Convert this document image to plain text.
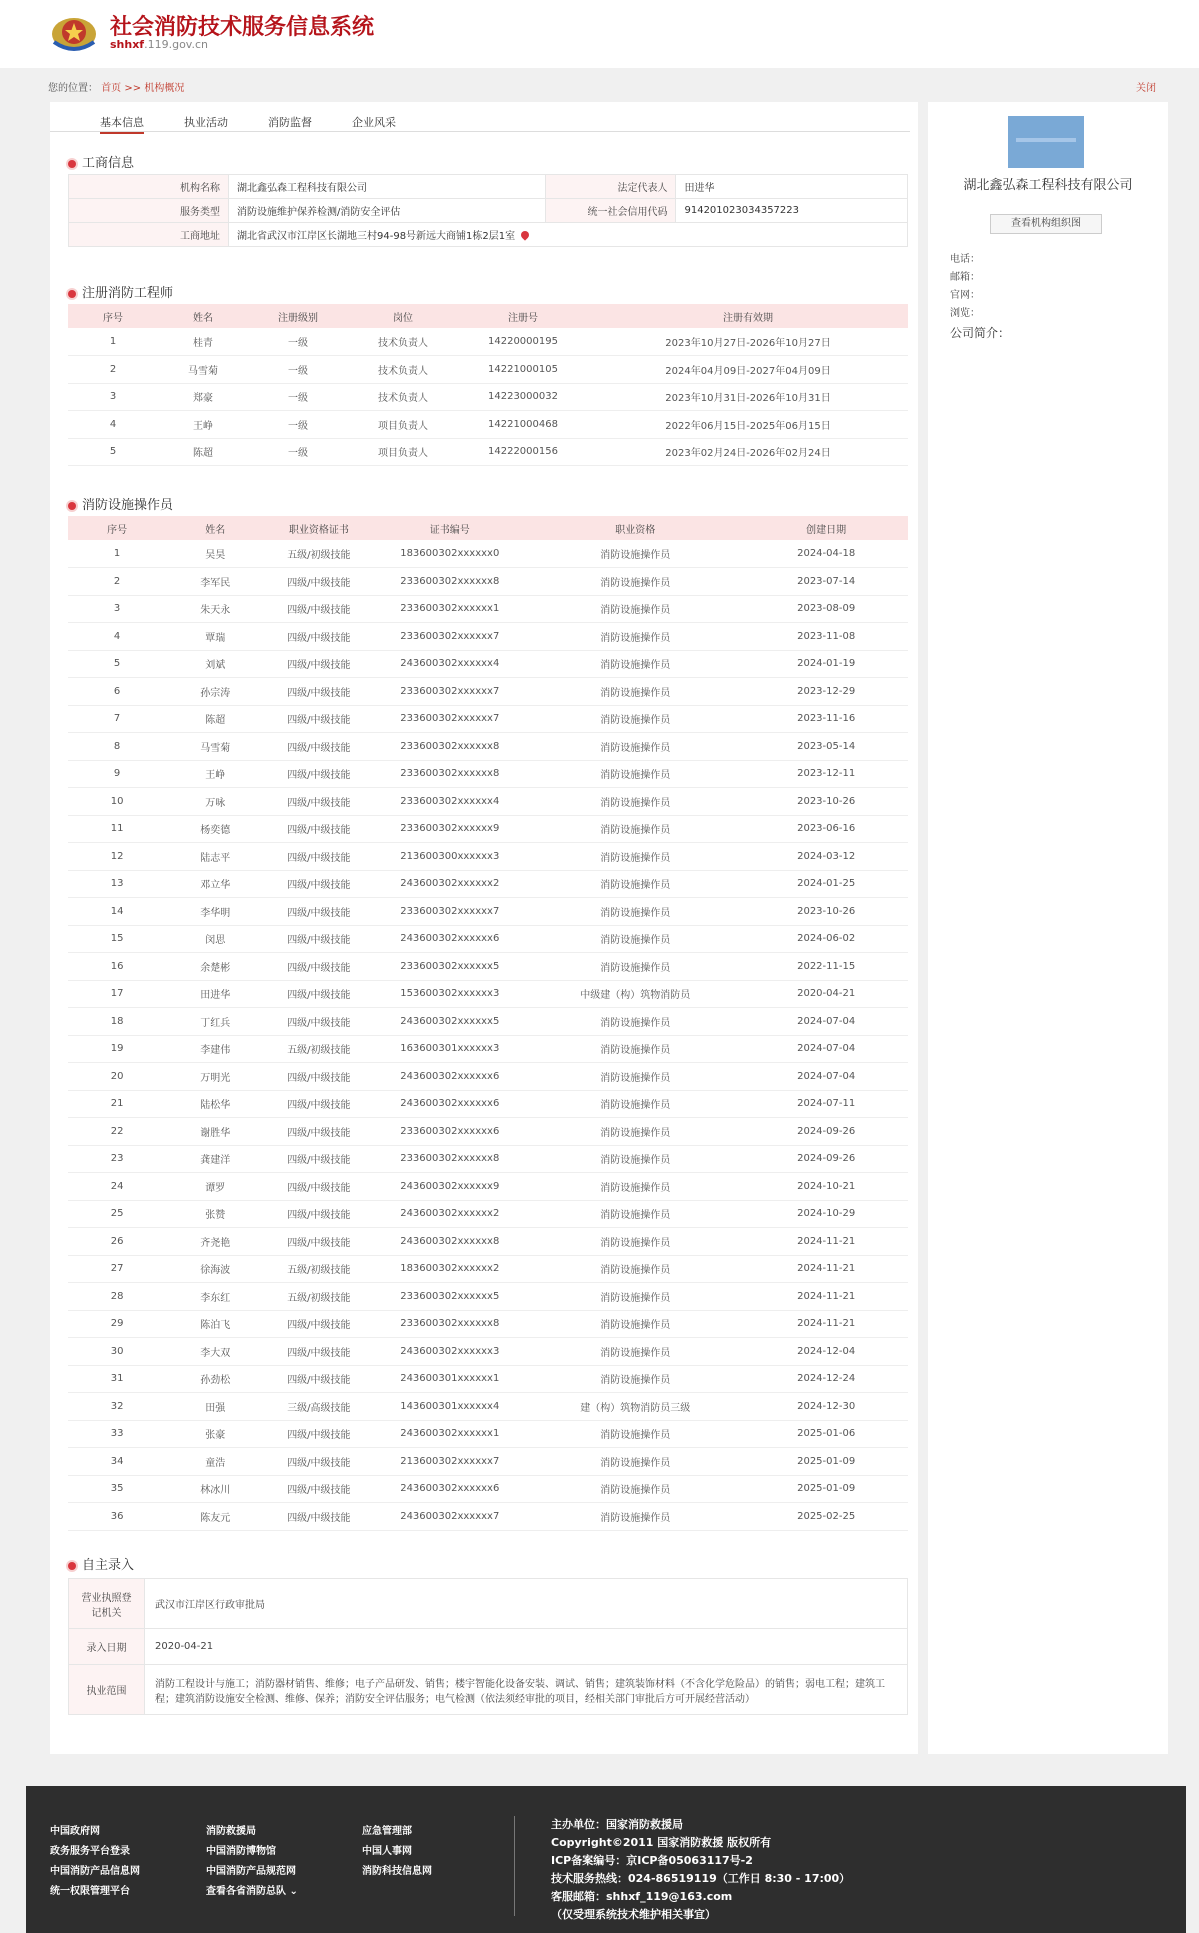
社会消防技术服务信息系统
shhxf.119.gov.cn
您的位置： 首页 >> 机构概况	关闭
基本信息	执业活动	消防监督	企业风采
工商信息
机构名称	湖北鑫弘森工程科技有限公司	法定代表人	田进华
服务类型	消防设施维护保养检测/消防安全评估	统一社会信用代码	91420102303435722​3
工商地址	湖北省武汉市江岸区长湖地三村94-98号新远大商铺1栋2层1室		
注册消防工程师
序号	姓名	注册级别	岗位	注册号	注册有效期
1	桂青	一级	技术负责人	14220000195	2023年10月27日-2026年10月27日
2	马雪菊	一级	技术负责人	14221000105	2024年04月09日-2027年04月09日
3	郑豪	一级	技术负责人	14223000032	2023年10月31日-2026年10月31日
4	王峥	一级	项目负责人	14221000468	2022年06月15日-2025年06月15日
5	陈超	一级	项目负责人	14222000156	2023年02月24日-2026年02月24日
消防设施操作员
序号	姓名	职业资格证书	证书编号	职业资格	创建日期
1	吴昊	五级/初级技能	183600302xxxxxx0	消防设施操作员	2024-04-18
2	李军民	四级/中级技能	233600302xxxxxx8	消防设施操作员	2023-07-14
3	朱天永	四级/中级技能	233600302xxxxxx1	消防设施操作员	2023-08-09
4	覃瑞	四级/中级技能	233600302xxxxxx7	消防设施操作员	2023-11-08
5	刘斌	四级/中级技能	243600302xxxxxx4	消防设施操作员	2024-01-19
6	孙宗涛	四级/中级技能	233600302xxxxxx7	消防设施操作员	2023-12-29
7	陈超	四级/中级技能	233600302xxxxxx7	消防设施操作员	2023-11-16
8	马雪菊	四级/中级技能	233600302xxxxxx8	消防设施操作员	2023-05-14
9	王峥	四级/中级技能	233600302xxxxxx8	消防设施操作员	2023-12-11
10	万咏	四级/中级技能	233600302xxxxxx4	消防设施操作员	2023-10-26
11	杨奕德	四级/中级技能	233600302xxxxxx9	消防设施操作员	2023-06-16
12	陆志平	四级/中级技能	213600300xxxxxx3	消防设施操作员	2024-03-12
13	邓立华	四级/中级技能	243600302xxxxxx2	消防设施操作员	2024-01-25
14	李华明	四级/中级技能	233600302xxxxxx7	消防设施操作员	2023-10-26
15	闵思	四级/中级技能	243600302xxxxxx6	消防设施操作员	2024-06-02
16	余楚彬	四级/中级技能	233600302xxxxxx5	消防设施操作员	2022-11-15
17	田进华	四级/中级技能	153600302xxxxxx3	中级建（构）筑物消防员	2020-04-21
18	丁红兵	四级/中级技能	243600302xxxxxx5	消防设施操作员	2024-07-04
19	李建伟	五级/初级技能	163600301xxxxxx3	消防设施操作员	2024-07-04
20	万明光	四级/中级技能	243600302xxxxxx6	消防设施操作员	2024-07-04
21	陆松华	四级/中级技能	243600302xxxxxx6	消防设施操作员	2024-07-11
22	谢胜华	四级/中级技能	233600302xxxxxx6	消防设施操作员	2024-09-26
23	龚建洋	四级/中级技能	233600302xxxxxx8	消防设施操作员	2024-09-26
24	谭罗	四级/中级技能	243600302xxxxxx9	消防设施操作员	2024-10-21
25	张赞	四级/中级技能	243600302xxxxxx2	消防设施操作员	2024-10-29
26	齐尧艳	四级/中级技能	243600302xxxxxx8	消防设施操作员	2024-11-21
27	徐海波	五级/初级技能	183600302xxxxxx2	消防设施操作员	2024-11-21
28	李东红	五级/初级技能	233600302xxxxxx5	消防设施操作员	2024-11-21
29	陈泊飞	四级/中级技能	233600302xxxxxx8	消防设施操作员	2024-11-21
30	李大双	四级/中级技能	243600302xxxxxx3	消防设施操作员	2024-12-04
31	孙劲松	四级/中级技能	243600301xxxxxx1	消防设施操作员	2024-12-24
32	田强	三级/高级技能	143600301xxxxxx4	建（构）筑物消防员三级	2024-12-30
33	张豪	四级/中级技能	243600302xxxxxx1	消防设施操作员	2025-01-06
34	童浩	四级/中级技能	213600302xxxxxx7	消防设施操作员	2025-01-09
35	林冰川	四级/中级技能	243600302xxxxxx6	消防设施操作员	2025-01-09
36	陈友元	四级/中级技能	243600302xxxxxx7	消防设施操作员	2025-02-25
自主录入
营业执照登记机关	武汉市江岸区行政审批局
录入日期	2020-04-21
执业范围	消防工程设计与施工；消防器材销售、维修；电子产品研发、销售；楼宇智能化设备安装、调试、销售；建筑装饰材料（不含化学危险品）的销售；弱电工程；建筑工程；建筑消防设施安全检测、维修、保养；消防安全评估服务；电气检测（依法须经审批的项目，经相关部门审批后方可开展经营活动）
湖北鑫弘森工程科技有限公司
查看机构组织图
电话：
邮箱：
官网：
浏览：
公司简介：
中国政府网	消防救援局	应急管理部
政务服务平台登录	中国消防博物馆	中国人事网
中国消防产品信息网	中国消防产品规范网	消防科技信息网
统一权限管理平台	查看各省消防总队 ⌄
主办单位：国家消防救援局
Copyright©2011 国家消防救援 版权所有
ICP备案编号：京ICP备05063117号-2
技术服务热线：024-86519119（工作日 8:30 - 17:00）
客服邮箱：shhxf_119@163.com
（仅受理系统技术维护相关事宜）
